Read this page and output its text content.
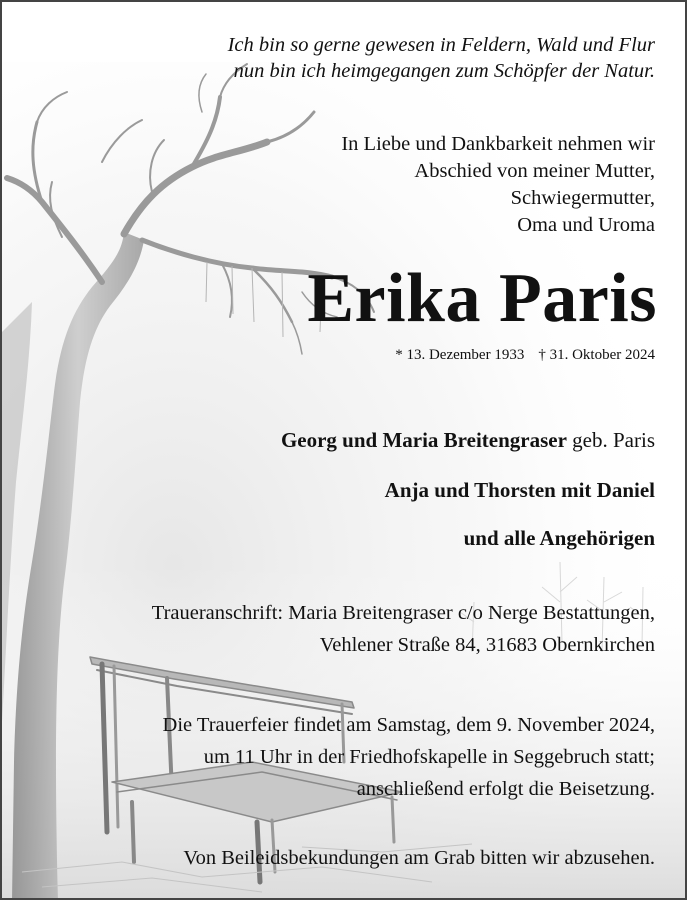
Ich bin so gerne gewesen in Feldern, Wald und Flur
nun bin ich heimgegangen zum Schöpfer der Natur.
In Liebe und Dankbarkeit nehmen wir
Abschied von meiner Mutter,
Schwiegermutter,
Oma und Uroma
Erika Paris
* 13. Dezember 1933 † 31. Oktober 2024
Georg und Maria Breitengraser geb. Paris
Anja und Thorsten mit Daniel
und alle Angehörigen
Traueranschrift: Maria Breitengraser c/o Nerge Bestattungen,
Vehlener Straße 84, 31683 Obernkirchen
Die Trauerfeier findet am Samstag, dem 9. November 2024,
um 11 Uhr in der Friedhofskapelle in Seggebruch statt;
anschließend erfolgt die Beisetzung.
Von Beileidsbekundungen am Grab bitten wir abzusehen.
